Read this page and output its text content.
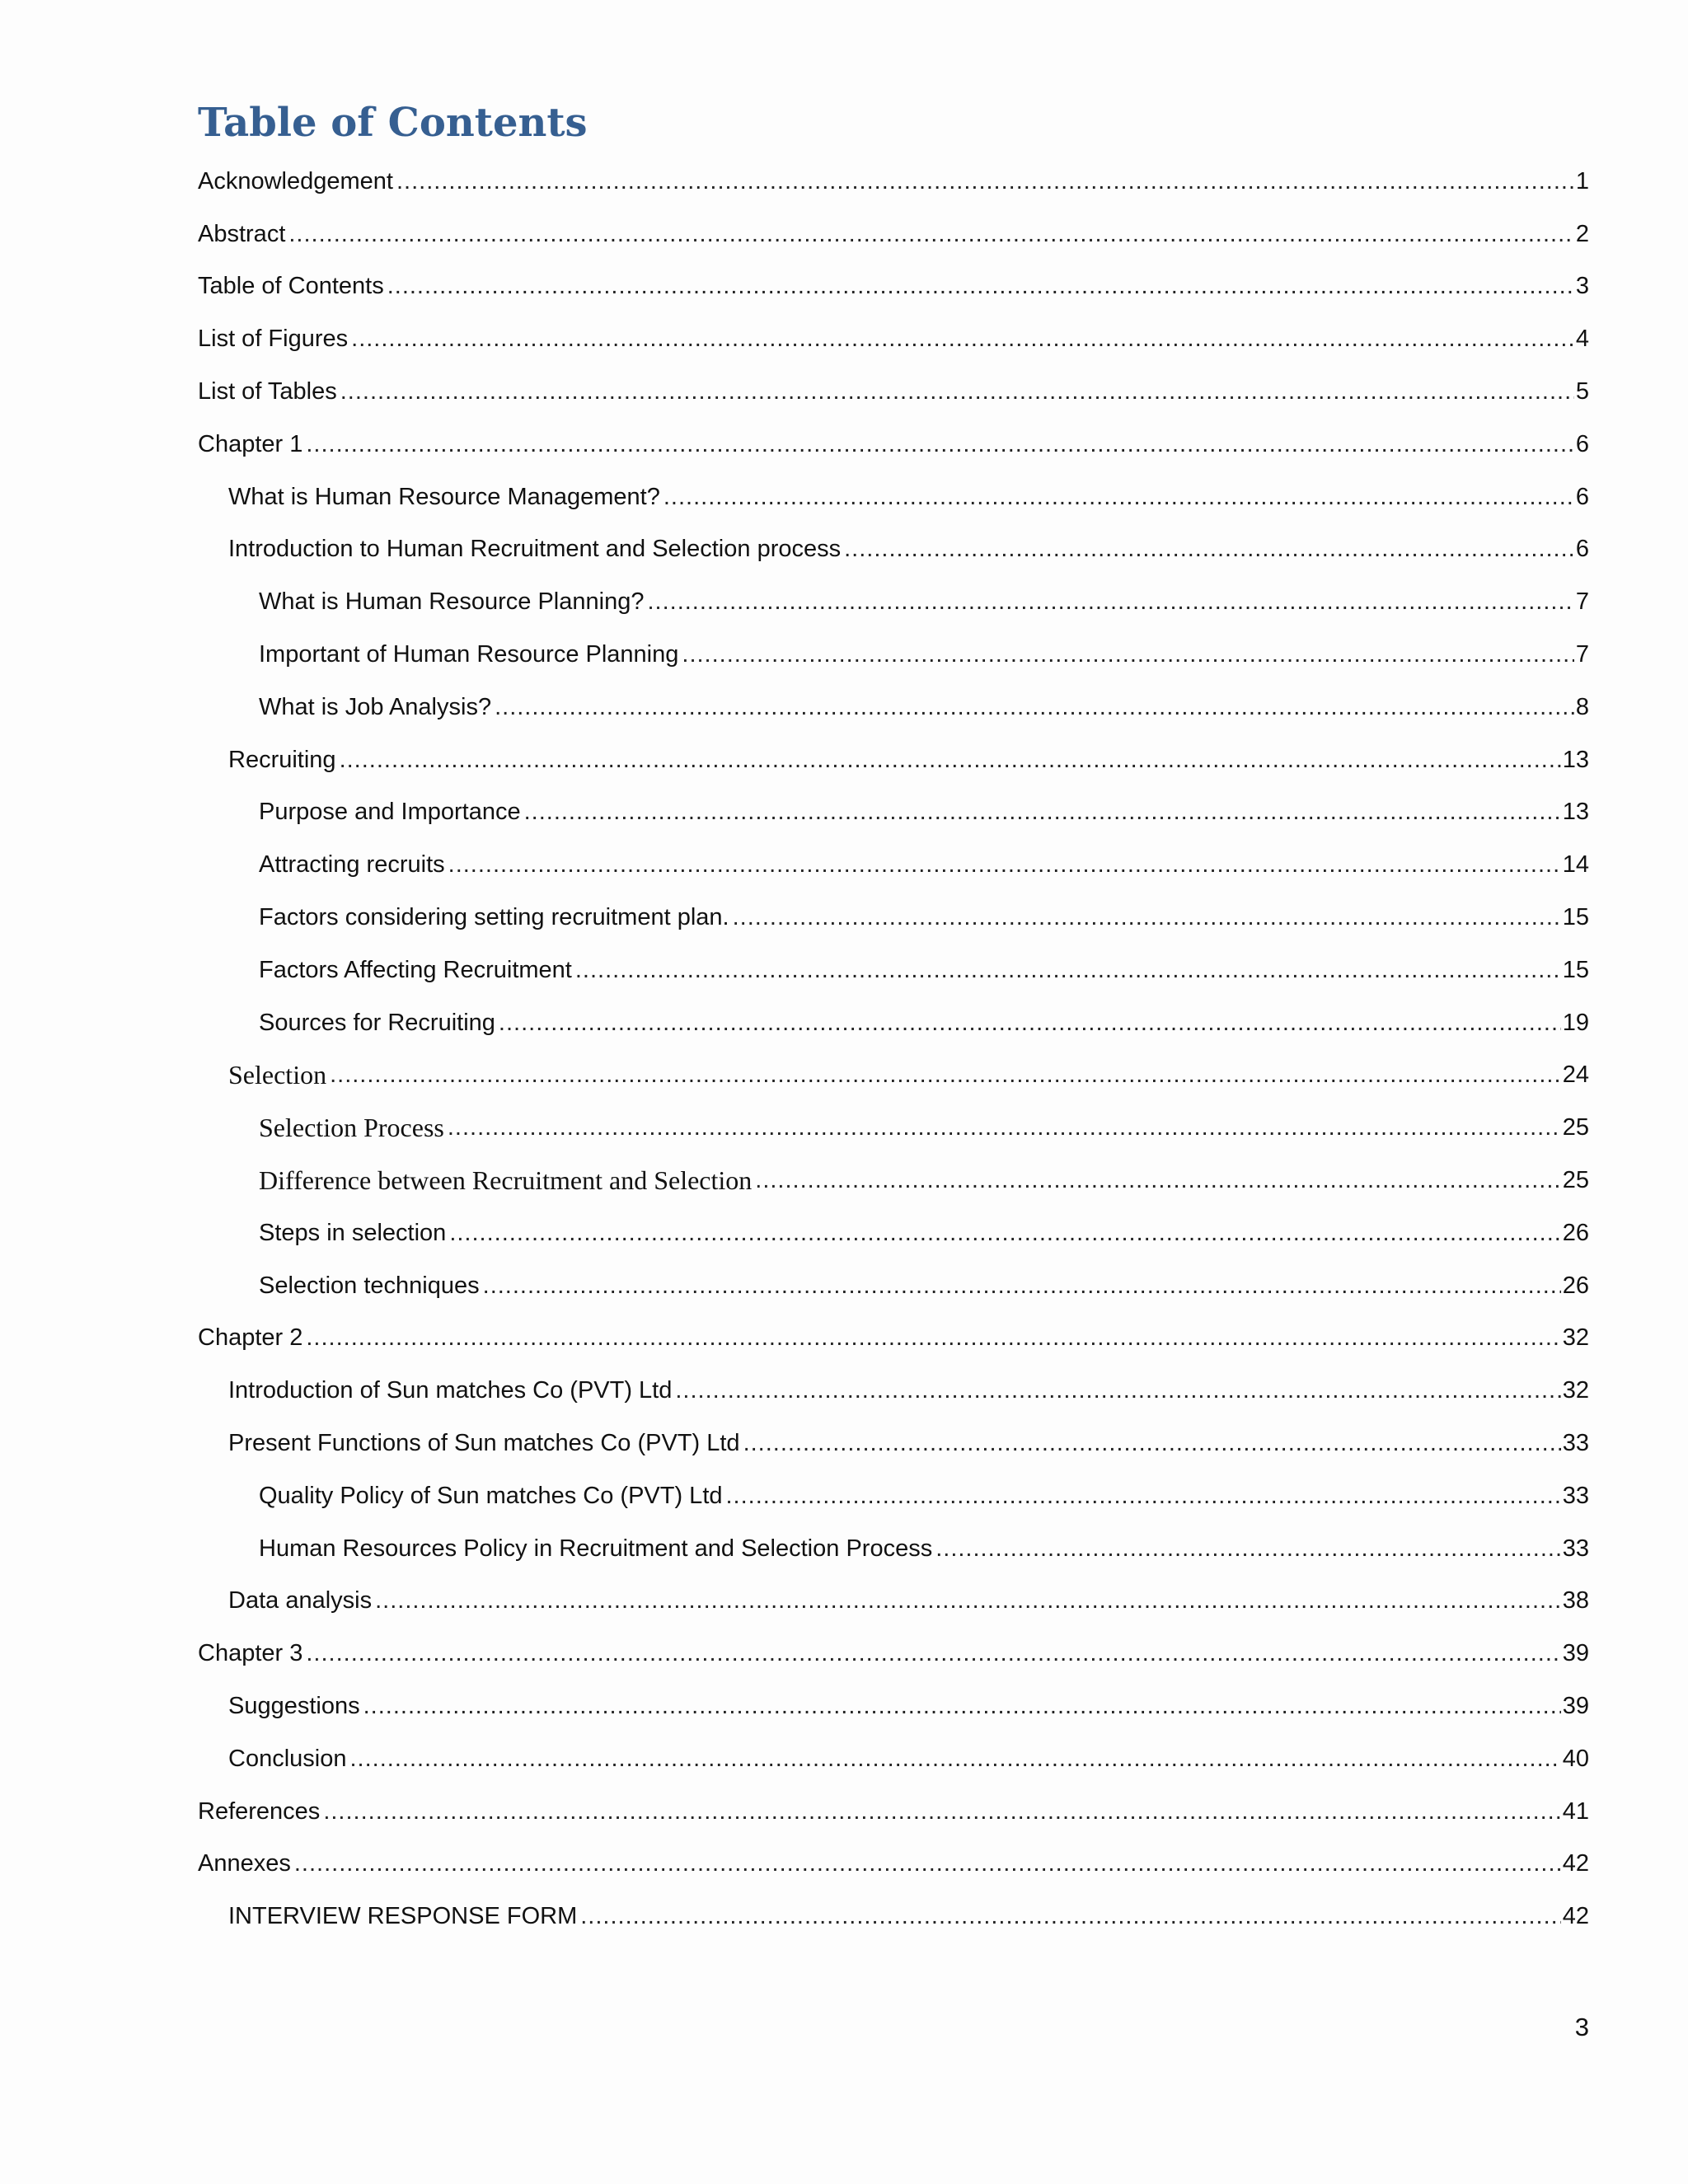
Table of Contents
Acknowledgement .....	1
Abstract .....	2
Table of Contents .....	3
List of Figures .....	4
List of Tables .....	5
Chapter 1 .....	6
What is Human Resource Management? .....	6
Introduction to Human Recruitment and Selection process .....	6
What is Human Resource Planning? .....	7
Important of Human Resource Planning .....	7
What is Job Analysis? .....	8
Recruiting .....	13
Purpose and Importance .....	13
Attracting recruits .....	14
Factors considering setting recruitment plan. .....	15
Factors Affecting Recruitment .....	15
Sources for Recruiting .....	19
Selection .....	24
Selection Process .....	25
Difference between Recruitment and Selection .....	25
Steps in selection .....	26
Selection techniques .....	26
Chapter 2 .....	32
Introduction of Sun matches Co (PVT) Ltd .....	32
Present Functions of Sun matches Co (PVT) Ltd .....	33
Quality Policy of Sun matches Co (PVT) Ltd .....	33
Human Resources Policy in Recruitment and Selection Process .....	33
Data analysis .....	38
Chapter 3 .....	39
Suggestions .....	39
Conclusion .....	40
References .....	41
Annexes .....	42
INTERVIEW RESPONSE FORM .....	42
3
